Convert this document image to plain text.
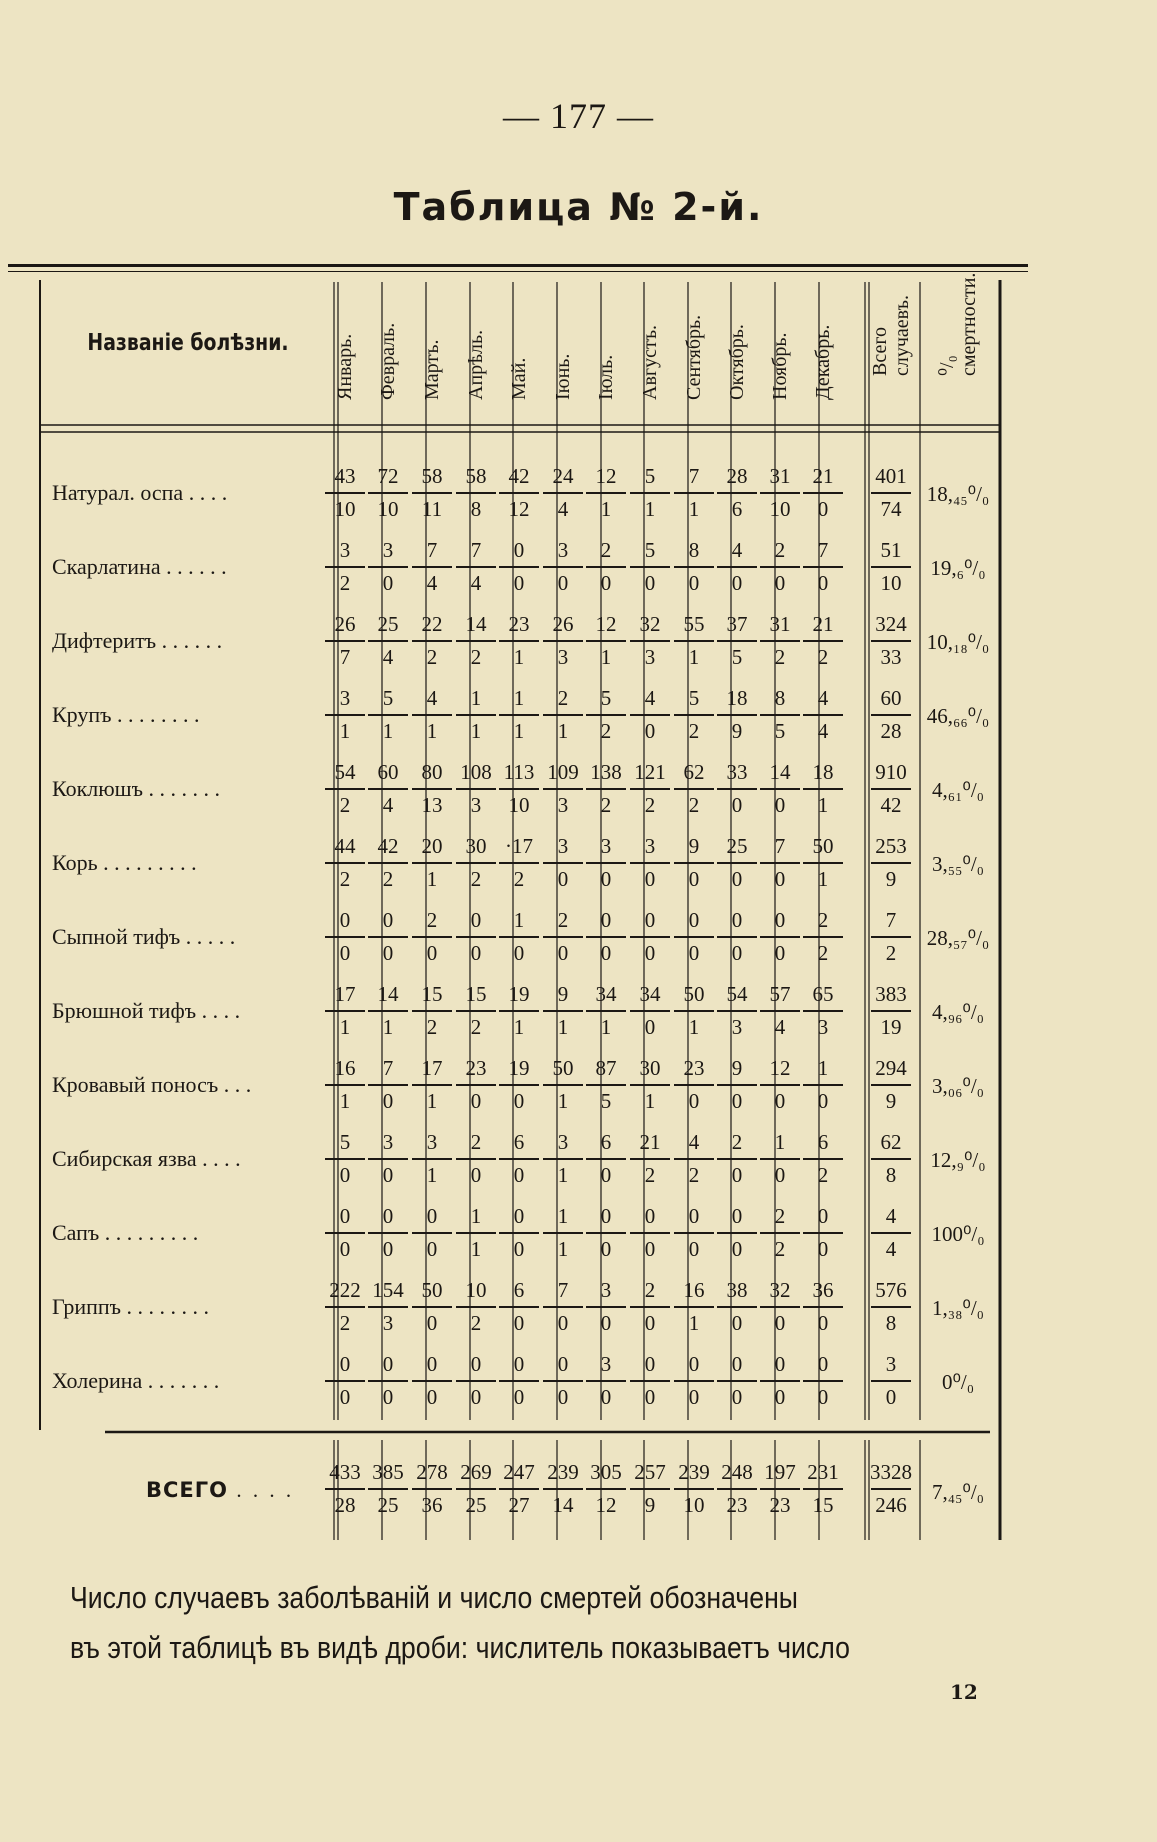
— 177 —
Таблица № 2-й.
Названіе болѣзни.	Январь. Февраль. Мартъ. Апрѣль. Май. Іюнь. Іюль. Августъ. Сентябрь. Октябрь. Ноябрь. Декабрь. Всего
случаевъ. ⁰/₀
смертности.
Натурал. оспа . . . .
43
10
72
10
58
11
58
8
42
12
24
4
12
1
5
1
7
1
28
6
31
10
21
0
401
74
18,₄₅⁰/₀
Скарлатина . . . . . .
3
2
3
0
7
4
7
4
0
0
3
0
2
0
5
0
8
0
4
0
2
0
7
0
51
10
19,₆⁰/₀
Дифтеритъ . . . . . .
26
7
25
4
22
2
14
2
23
1
26
3
12
1
32
3
55
1
37
5
31
2
21
2
324
33
10,₁₈⁰/₀
Крупъ . . . . . . . .
3
1
5
1
4
1
1
1
1
1
2
1
5
2
4
0
5
2
18
9
8
5
4
4
60
28
46,₆₆⁰/₀
Коклюшъ . . . . . . .
54
2
60
4
80
13
108
3
113
10
109
3
138
2
121
2
62
2
33
0
14
0
18
1
910
42
4,₆₁⁰/₀
Корь . . . . . . . . .
44
2
42
2
20
1
30
2
·17
2
3
0
3
0
3
0
9
0
25
0
7
0
50
1
253
9
3,₅₅⁰/₀
Сыпной тифъ . . . . .
0
0
0
0
2
0
0
0
1
0
2
0
0
0
0
0
0
0
0
0
0
0
2
2
7
2
28,₅₇⁰/₀
Брюшной тифъ . . . .
17
1
14
1
15
2
15
2
19
1
9
1
34
1
34
0
50
1
54
3
57
4
65
3
383
19
4,₉₆⁰/₀
Кровавый поносъ . . .
16
1
7
0
17
1
23
0
19
0
50
1
87
5
30
1
23
0
9
0
12
0
1
0
294
9
3,₀₆⁰/₀
Сибирская язва . . . .
5
0
3
0
3
1
2
0
6
0
3
1
6
0
21
2
4
2
2
0
1
0
6
2
62
8
12,₉⁰/₀
Сапъ . . . . . . . . .
0
0
0
0
0
0
1
1
0
0
1
1
0
0
0
0
0
0
0
0
2
2
0
0
4
4
100⁰/₀
Гриппъ . . . . . . . .
222
2
154
3
50
0
10
2
6
0
7
0
3
0
2
0
16
1
38
0
32
0
36
0
576
8
1,₃₈⁰/₀
Холерина . . . . . . .
0
0
0
0
0
0
0
0
0
0
0
0
3
0
0
0
0
0
0
0
0
0
0
0
3
0
0⁰/₀
ВСЕГО . . . .
433
28
385
25
278
36
269
25
247
27
239
14
305
12
257
9
239
10
248
23
197
23
231
15
3328
246
7,₄₅⁰/₀
Число случаевъ заболѣваній и число смертей обозначены
въ этой таблицѣ въ видѣ дроби: числитель показываетъ число
12
